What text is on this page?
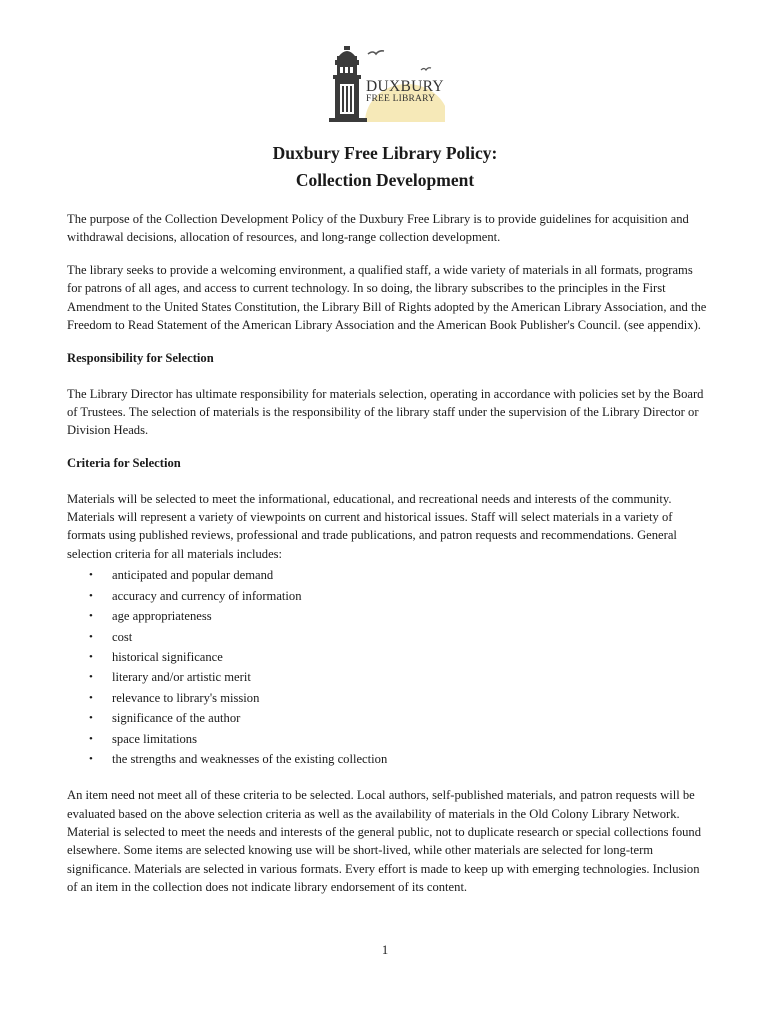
DUXBURY
FREE LIBRARY
Duxbury Free Library Policy:
Collection Development

The purpose of the Collection Development Policy of the Duxbury Free Library is to provide guidelines for acquisition and withdrawal decisions, allocation of resources, and long-range collection development.

The library seeks to provide a welcoming environment, a qualified staff, a wide variety of materials in all formats, programs for patrons of all ages, and access to current technology. In so doing, the library subscribes to the principles in the First Amendment to the United States Constitution, the Library Bill of Rights adopted by the American Library Association, and the Freedom to Read Statement of the American Library Association and the American Book Publisher's Council. (see appendix).

Responsibility for Selection

The Library Director has ultimate responsibility for materials selection, operating in accordance with policies set by the Board of Trustees. The selection of materials is the responsibility of the library staff under the supervision of the Library Director or Division Heads.

Criteria for Selection

Materials will be selected to meet the informational, educational, and recreational needs and interests of the community. Materials will represent a variety of viewpoints on current and historical issues. Staff will select materials in a variety of formats using published reviews, professional and trade publications, and patron requests and recommendations. General selection criteria for all materials includes:

• anticipated and popular demand
• accuracy and currency of information
• age appropriateness
• cost
• historical significance
• literary and/or artistic merit
• relevance to library's mission
• significance of the author
• space limitations
• the strengths and weaknesses of the existing collection

An item need not meet all of these criteria to be selected. Local authors, self-published materials, and patron requests will be evaluated based on the above selection criteria as well as the availability of materials in the Old Colony Library Network. Material is selected to meet the needs and interests of the general public, not to duplicate research or special collections found elsewhere. Some items are selected knowing use will be short-lived, while other materials are selected for long-term significance. Materials are selected in various formats. Every effort is made to keep up with emerging technologies. Inclusion of an item in the collection does not indicate library endorsement of its content.

1
